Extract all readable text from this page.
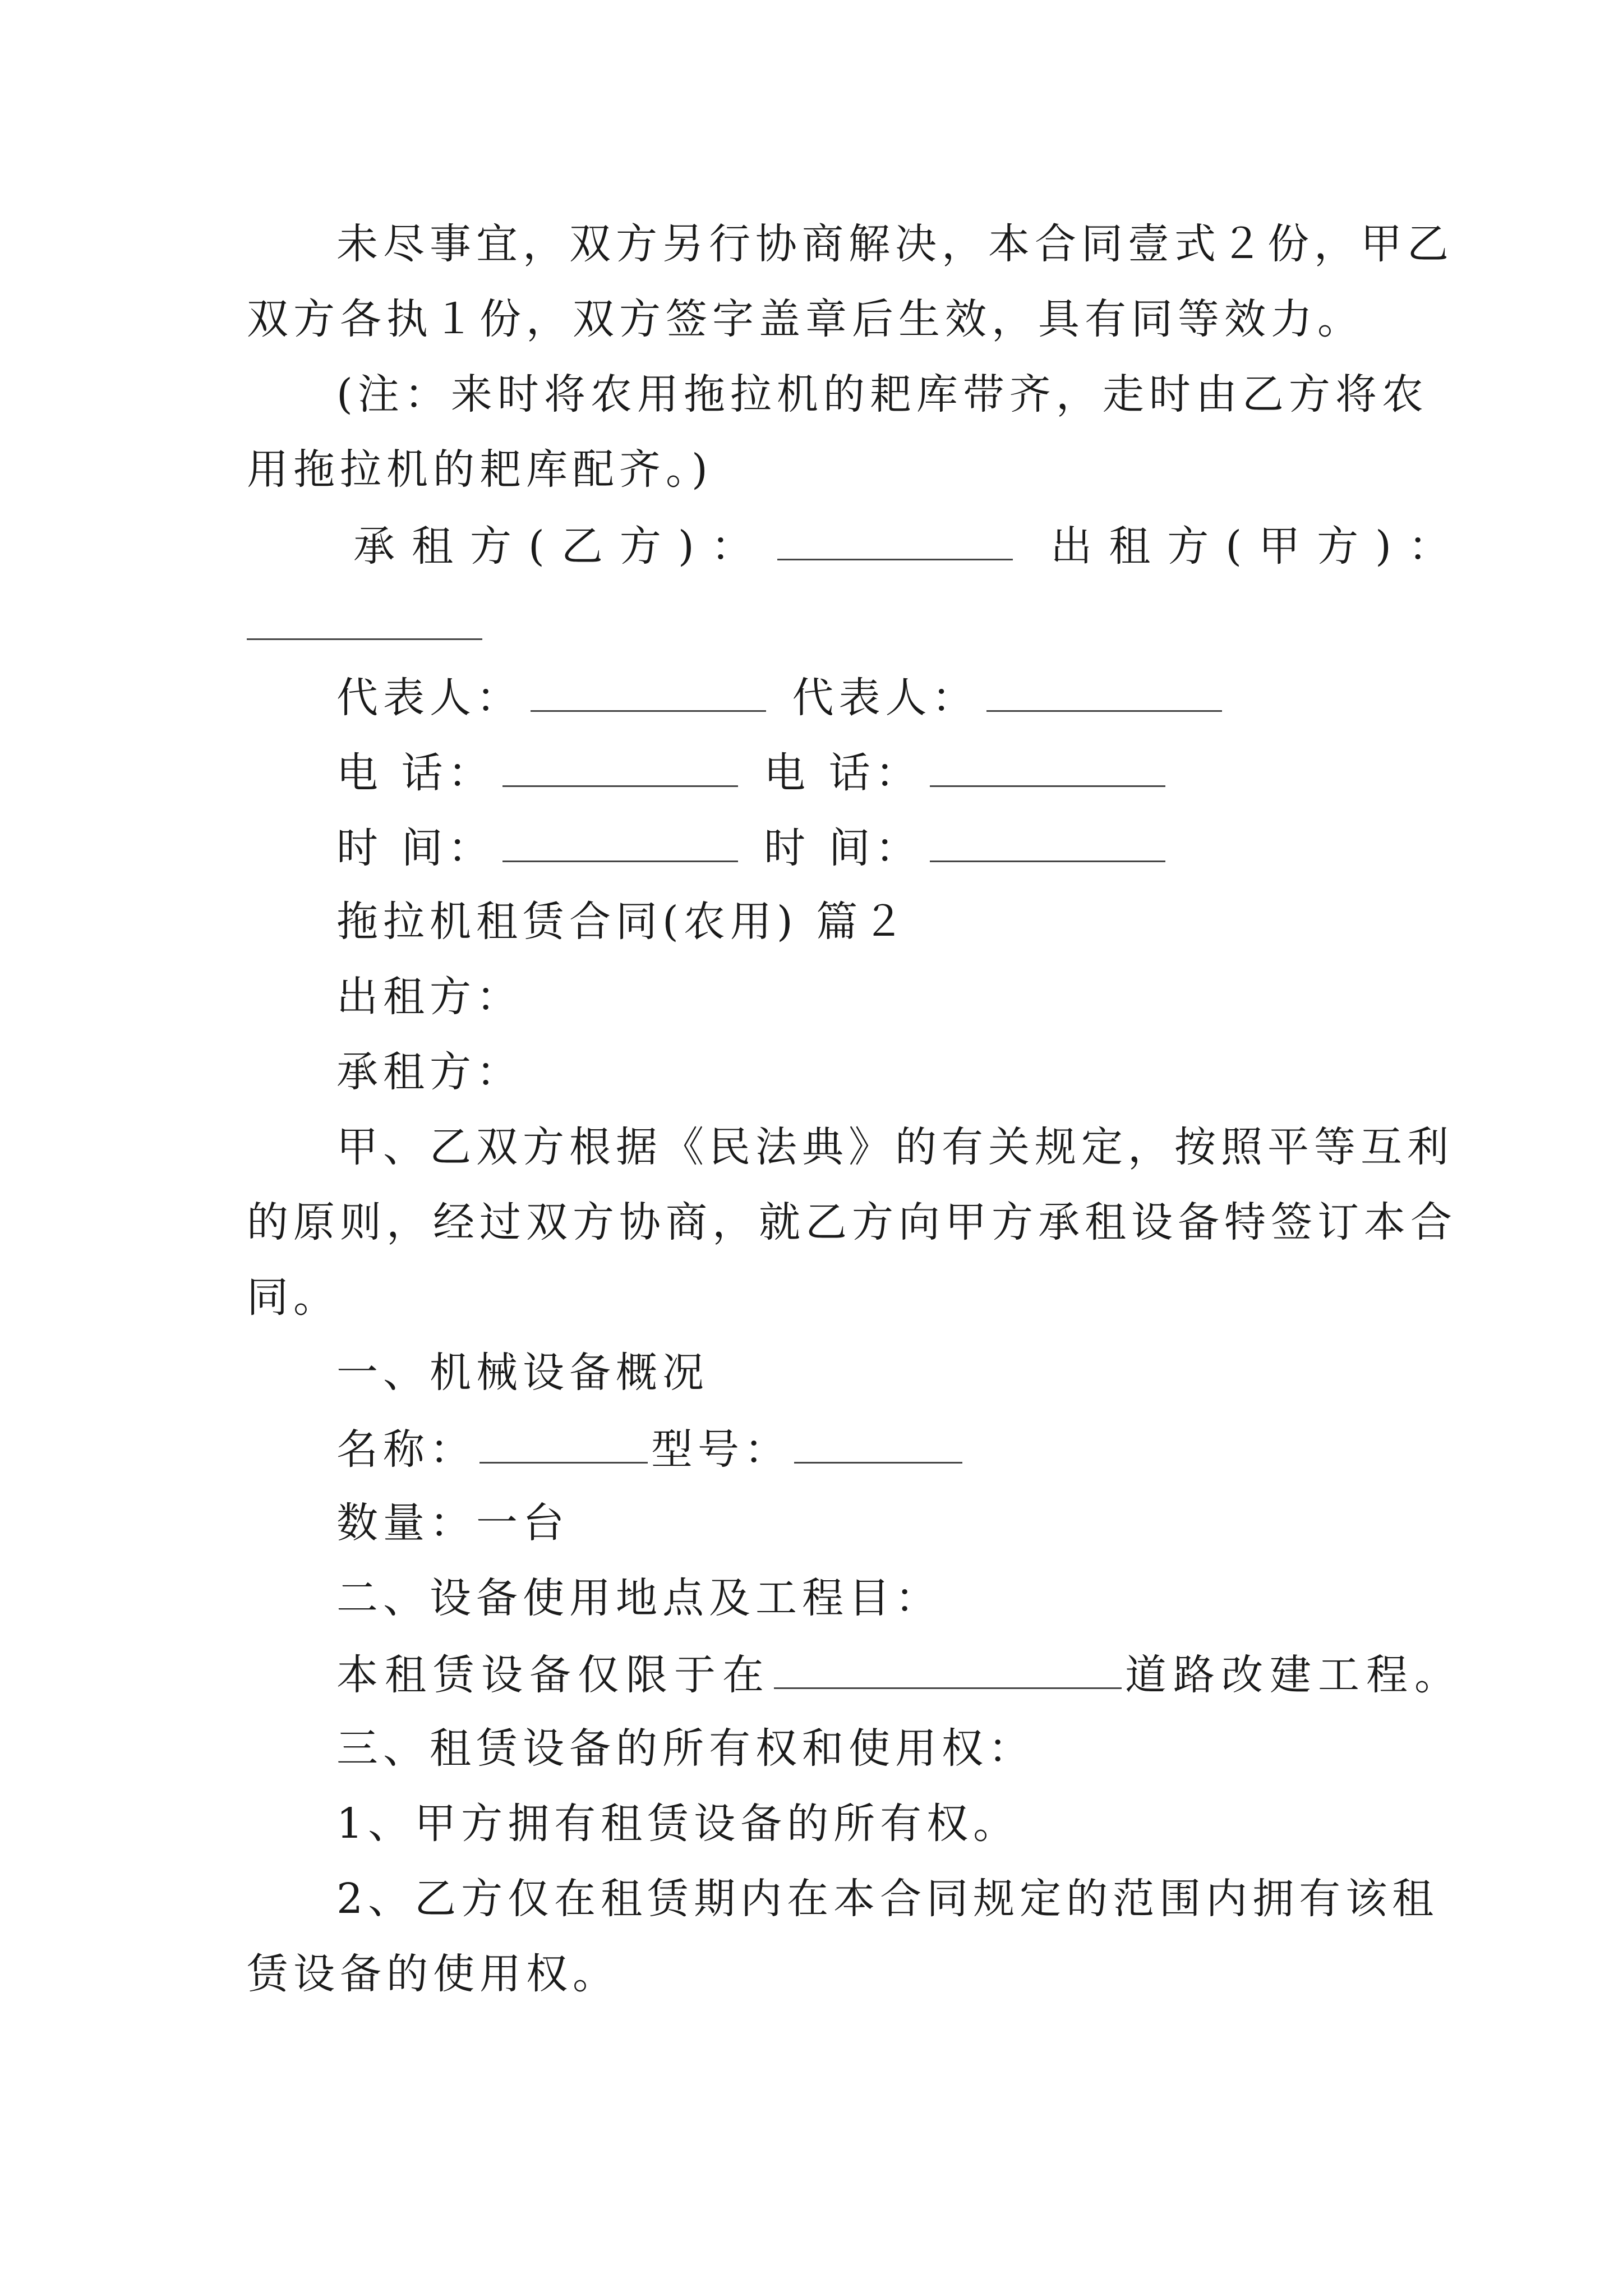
未尽事宜，双方另行协商解决，本合同壹式２份，甲乙
双方各执１份，双方签字盖章后生效，具有同等效力。
(注：来时将农用拖拉机的耙库带齐，走时由乙方将农
用拖拉机的耙库配齐。)
承租方(乙方)：	出租方(甲方)：
代表人：	代表人：
电 话：	电 话：
时 间：	时 间：
拖拉机租赁合同(农用) 篇２
出租方：
承租方：
甲、乙双方根据《民法典》的有关规定，按照平等互利
的原则，经过双方协商，就乙方向甲方承租设备特签订本合
同。
一、机械设备概况
名称：	型号：
数量：一台
二、设备使用地点及工程目：
本租赁设备仅限于在	道路改建工程。
三、租赁设备的所有权和使用权：
1、甲方拥有租赁设备的所有权。
2、乙方仅在租赁期内在本合同规定的范围内拥有该租
赁设备的使用权。
